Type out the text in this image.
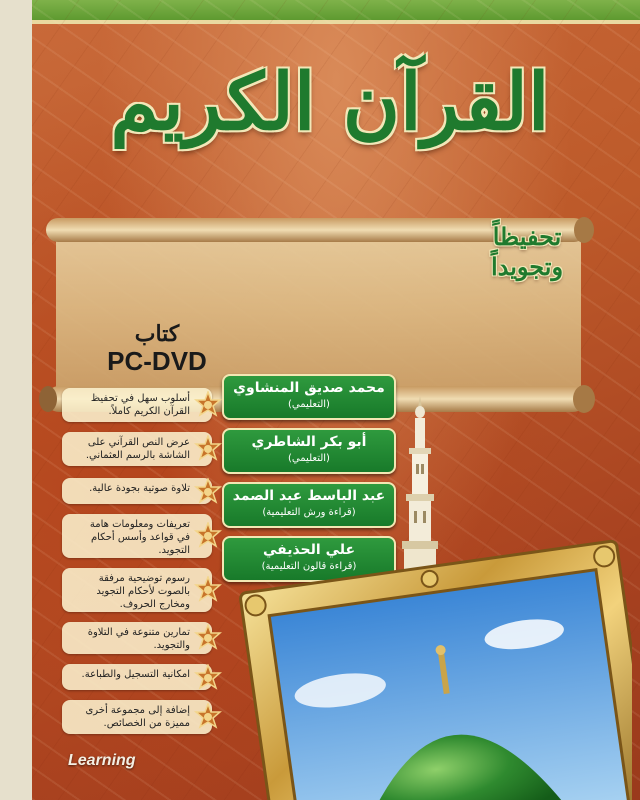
القرآن الكريم
تحفيظاً
وتجويداً
كتاب
PC-DVD
محمد صديق المنشاوي
(التعليمي)
أبو بكر الشاطري
(التعليمي)
عبد الباسط عبد الصمد
(قراءة ورش التعليمية)
علي الحذيفي
(قراءة قالون التعليمية)
أسلوب سهل في تحفيظ القرآن الكريم كاملاً.
عرض النص القرآني على الشاشة بالرسم العثماني.
تلاوة صوتية بجودة عالية.
تعريفات ومعلومات هامة في قواعد وأسس أحكام التجويد.
رسوم توضيحية مرفقة بالصوت لأحكام التجويد ومخارج الحروف.
تمارين متنوعة في التلاوة والتجويد.
امكانية التسجيل والطباعة.
إضافة إلى مجموعة أخرى مميزة من الخصائص.
Learning
